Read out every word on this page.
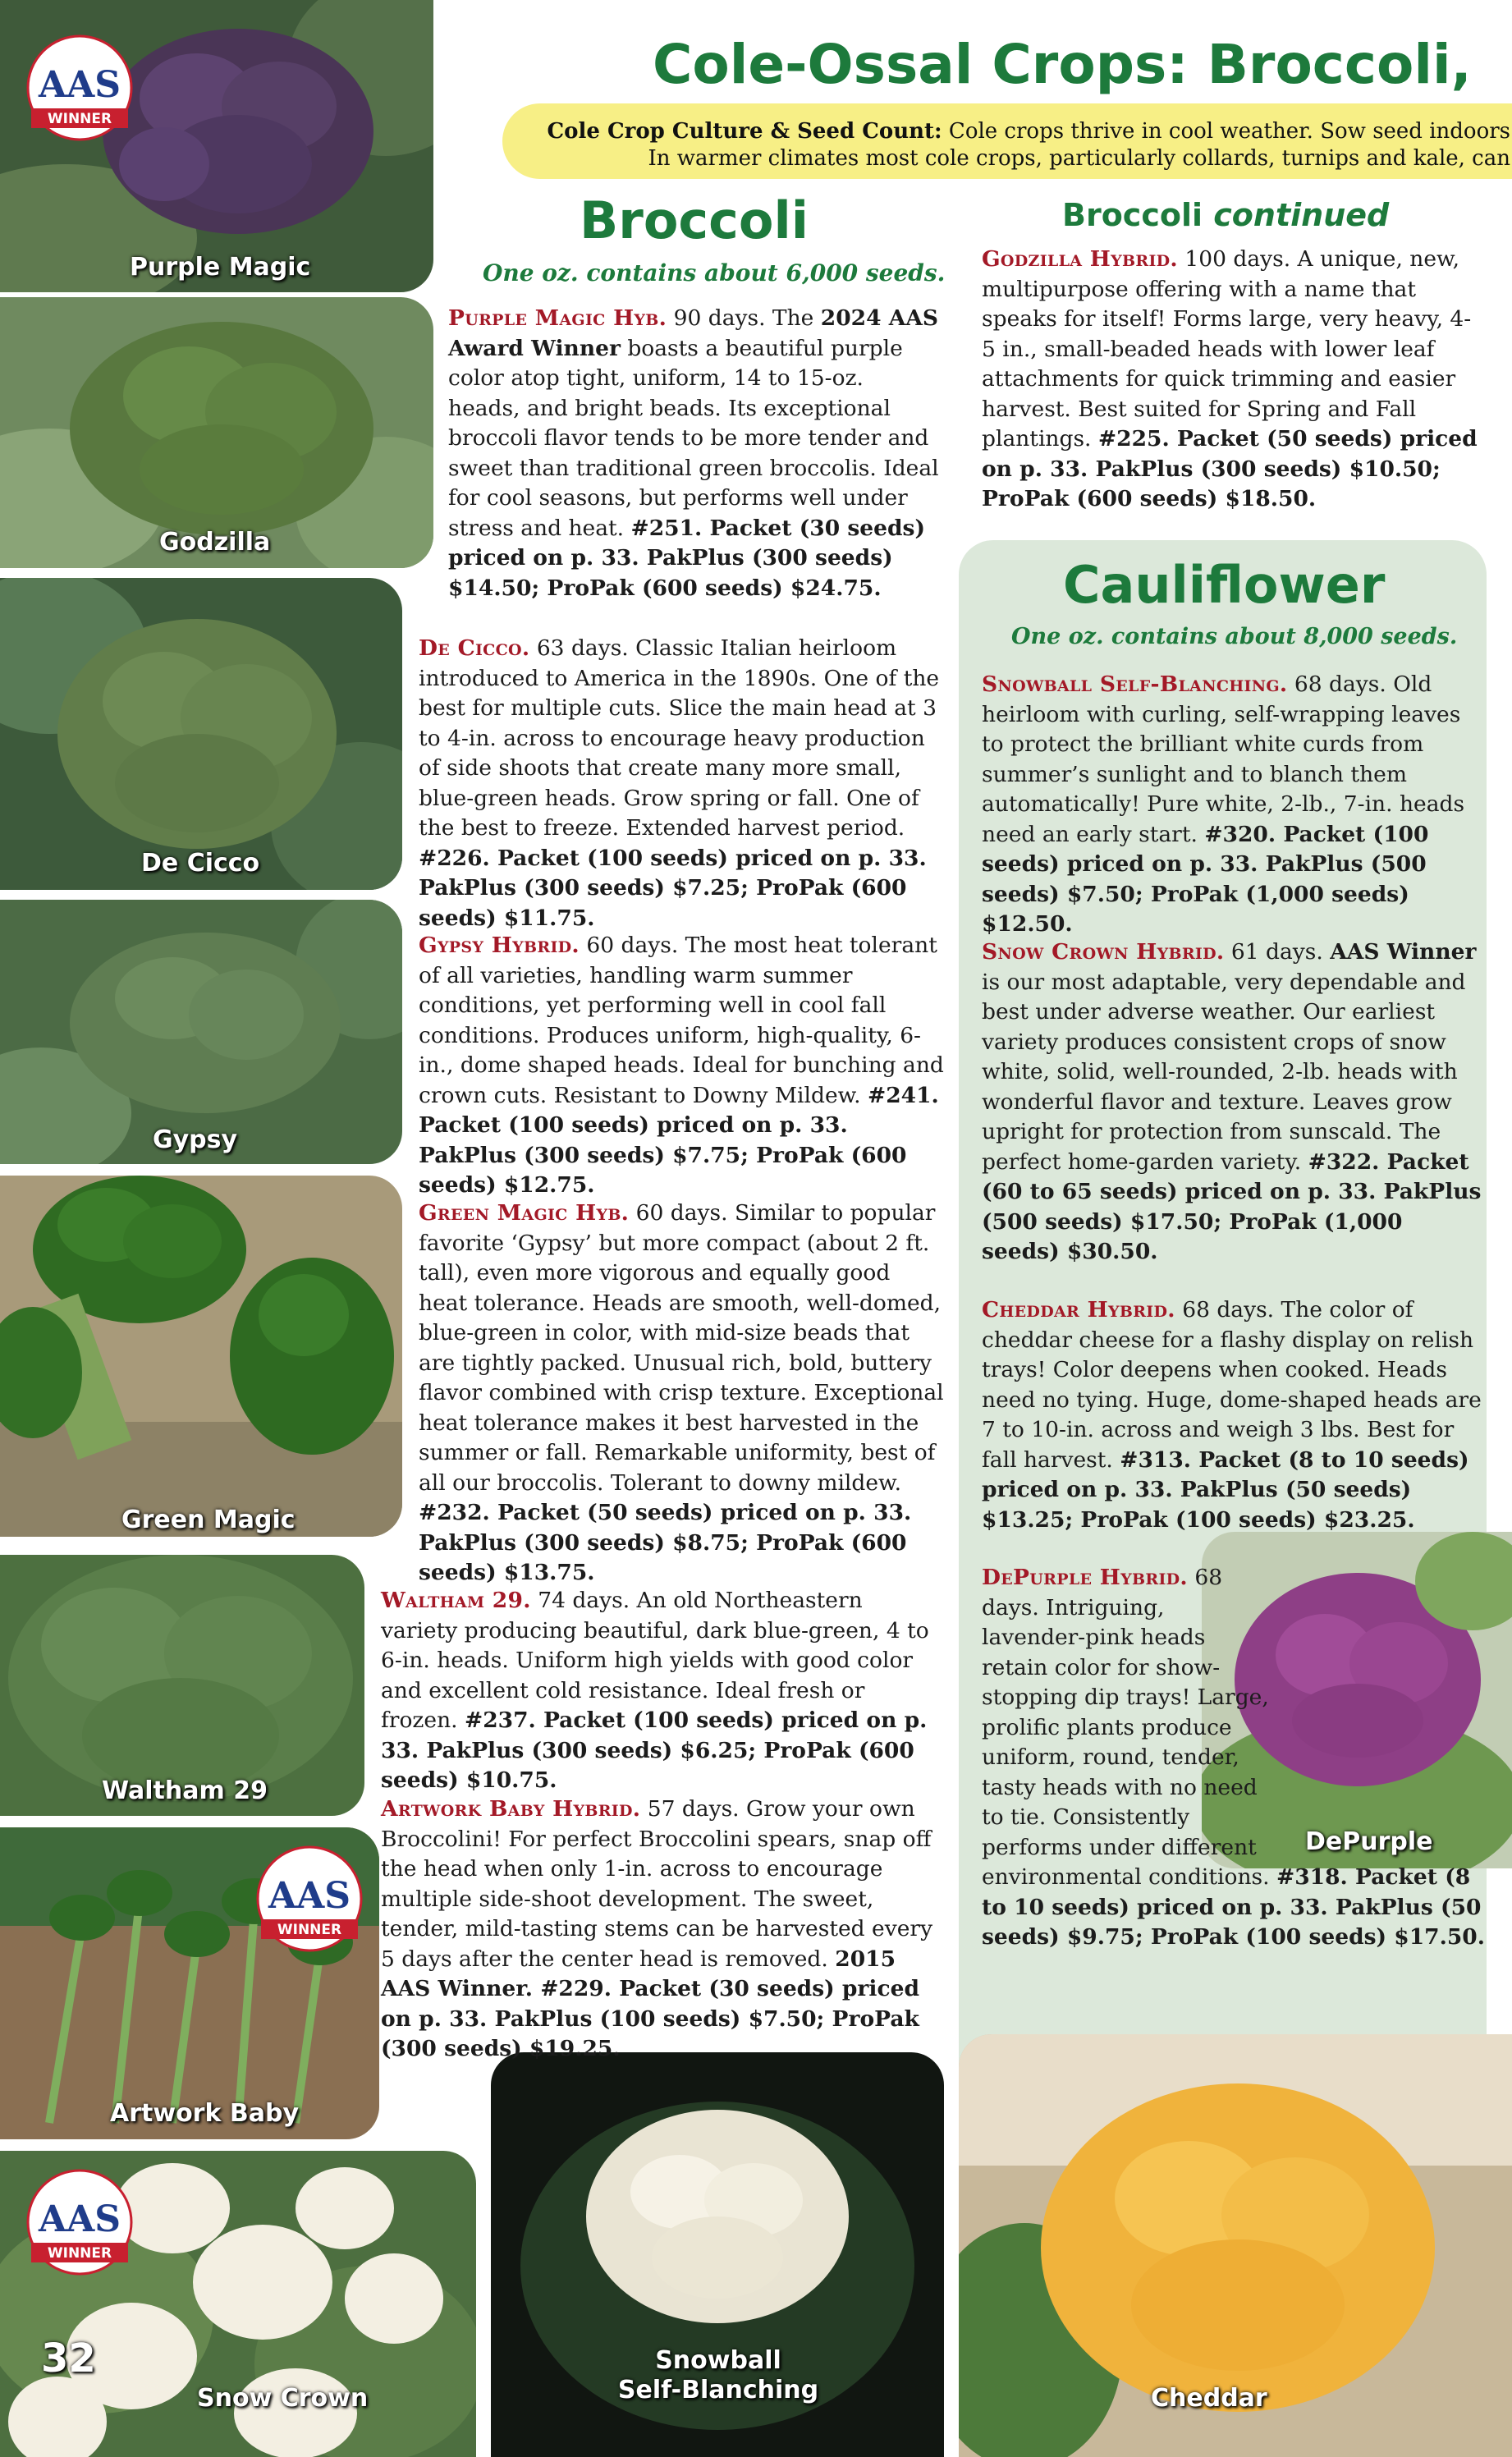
Cole-Ossal Crops: Broccoli,
Cole Crop Culture & Seed Count: Cole crops thrive in cool weather. Sow seed indoors
In warmer climates most cole crops, particularly collards, turnips and kale, can
Broccoli
One oz. contains about 6,000 seeds.
Broccoli continued
Cauliflower
One oz. contains about 8,000 seeds.
AAS
WINNER
Purple Magic
Godzilla
De Cicco
Gypsy
Green Magic
Waltham 29
AAS
WINNER
Artwork Baby
AAS
WINNER
Snow Crown
32	Snowball
Self-Blanching	Cheddar
DePurple
Purple Magic Hyb. 90 days. The 2024 AAS Award Winner boasts a beautiful purple color atop tight, uniform, 14 to 15-oz. heads, and bright beads. Its exceptional broccoli flavor tends to be more tender and sweet than traditional green broccolis. Ideal for cool seasons, but performs well under stress and heat. #251. Packet (30 seeds) priced on p. 33. PakPlus (300 seeds) $14.50; ProPak (600 seeds) $24.75.
De Cicco. 63 days. Classic Italian heirloom introduced to America in the 1890s. One of the best for multiple cuts. Slice the main head at 3 to 4-in. across to encourage heavy production of side shoots that create many more small, blue-green heads. Grow spring or fall. One of the best to freeze. Extended harvest period. #226. Packet (100 seeds) priced on p. 33. PakPlus (300 seeds) $7.25; ProPak (600 seeds) $11.75.
Gypsy Hybrid. 60 days. The most heat tolerant of all varieties, handling warm summer conditions, yet performing well in cool fall conditions. Produces uniform, high-quality, 6-in., dome shaped heads. Ideal for bunching and crown cuts. Resistant to Downy Mildew. #241. Packet (100 seeds) priced on p. 33. PakPlus (300 seeds) $7.75; ProPak (600 seeds) $12.75.
Green Magic Hyb. 60 days. Similar to popular favorite ‘Gypsy’ but more compact (about 2 ft. tall), even more vigorous and equally good heat tolerance. Heads are smooth, well-domed, blue-green in color, with mid-size beads that are tightly packed. Unusual rich, bold, buttery flavor combined with crisp texture. Exceptional heat tolerance makes it best harvested in the summer or fall. Remarkable uniformity, best of all our broccolis. Tolerant to downy mildew. #232. Packet (50 seeds) priced on p. 33. PakPlus (300 seeds) $8.75; ProPak (600 seeds) $13.75.
Waltham 29. 74 days. An old Northeastern variety producing beautiful, dark blue-green, 4 to 6-in. heads. Uniform high yields with good color and excellent cold resistance. Ideal fresh or frozen. #237. Packet (100 seeds) priced on p. 33. PakPlus (300 seeds) $6.25; ProPak (600 seeds) $10.75.
Artwork Baby Hybrid. 57 days. Grow your own Broccolini! For perfect Broccolini spears, snap off the head when only 1-in. across to encourage multiple side-shoot development. The sweet, tender, mild-tasting stems can be harvested every 5 days after the center head is removed. 2015 AAS Winner. #229. Packet (30 seeds) priced on p. 33. PakPlus (100 seeds) $7.50; ProPak (300 seeds) $19.25.
Godzilla Hybrid. 100 days. A unique, new, multipurpose offering with a name that speaks for itself! Forms large, very heavy, 4-5 in., small-beaded heads with lower leaf attachments for quick trimming and easier harvest. Best suited for Spring and Fall plantings. #225. Packet (50 seeds) priced on p. 33. PakPlus (300 seeds) $10.50; ProPak (600 seeds) $18.50.
Snowball Self-Blanching. 68 days. Old heirloom with curling, self-wrapping leaves to protect the brilliant white curds from summer’s sunlight and to blanch them automatically! Pure white, 2-lb., 7-in. heads need an early start. #320. Packet (100 seeds) priced on p. 33. PakPlus (500 seeds) $7.50; ProPak (1,000 seeds) $12.50.
Snow Crown Hybrid. 61 days. AAS Winner is our most adaptable, very dependable and best under adverse weather. Our earliest variety produces consistent crops of snow white, solid, well-rounded, 2-lb. heads with wonderful flavor and texture. Leaves grow upright for protection from sunscald. The perfect home-garden variety. #322. Packet (60 to 65 seeds) priced on p. 33. PakPlus (500 seeds) $17.50; ProPak (1,000 seeds) $30.50.
Cheddar Hybrid. 68 days. The color of cheddar cheese for a flashy display on relish trays! Color deepens when cooked. Heads need no tying. Huge, dome-shaped heads are 7 to 10-in. across and weigh 3 lbs. Best for fall harvest. #313. Packet (8 to 10 seeds) priced on p. 33. PakPlus (50 seeds) $13.25; ProPak (100 seeds) $23.25.
DePurple Hybrid. 68 days. Intriguing, lavender-pink heads retain color for show-stopping dip trays! Large, prolific plants produce uniform, round, tender, tasty heads with no need to tie. Consistently performs under different environmental conditions. #318. Packet (8 to 10 seeds) priced on p. 33. PakPlus (50 seeds) $9.75; ProPak (100 seeds) $17.50.
